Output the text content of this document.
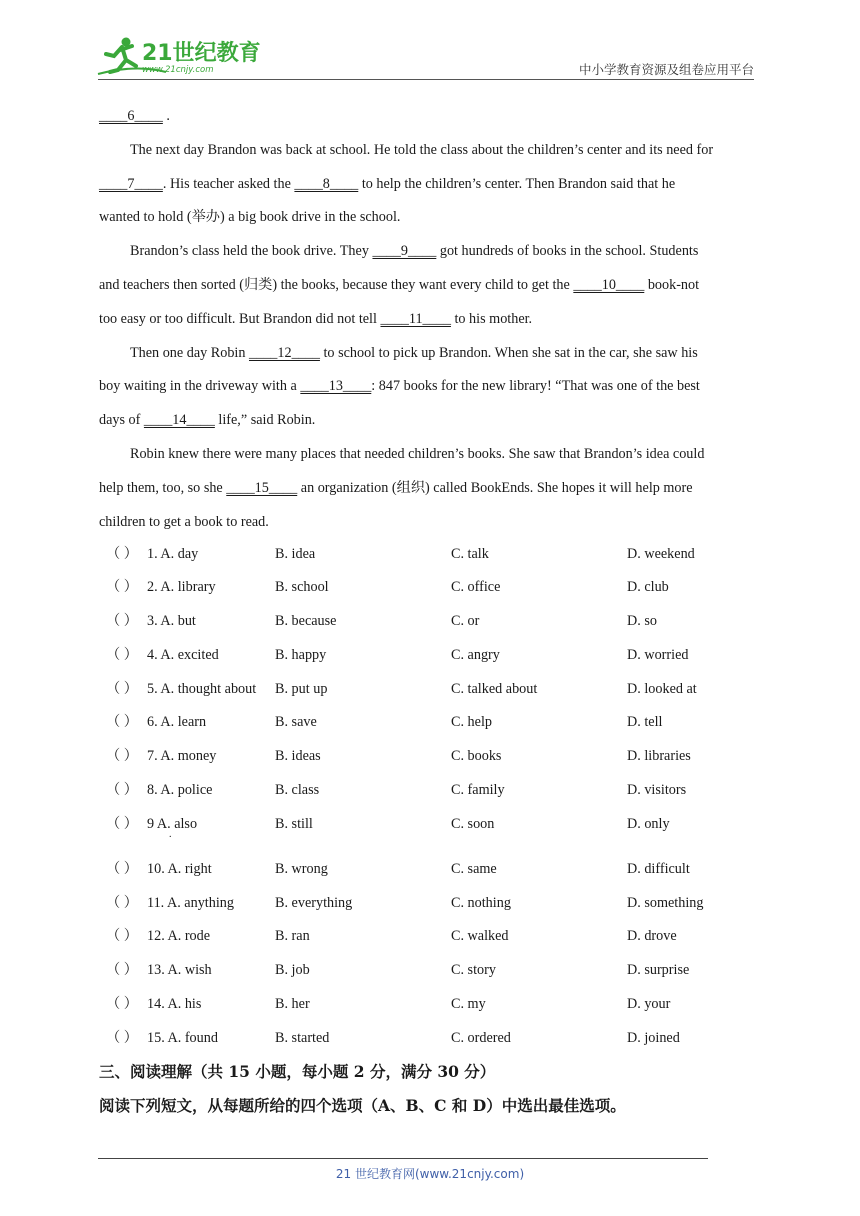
21世纪教育
www.21cnjy.com	中小学教育资源及组卷应用平台
____6____ .
The next day Brandon was back at school. He told the class about the children’s center and its need for
____7____. His teacher asked the ____8____ to help the children’s center. Then Brandon said that he
wanted to hold (举办) a big book drive in the school.
Brandon’s class held the book drive. They ____9____ got hundreds of books in the school. Students
and teachers then sorted (归类) the books, because they want every child to get the ____10____ book-not
too easy or too difficult. But Brandon did not tell ____11____ to his mother.
Then one day Robin ____12____ to school to pick up Brandon. When she sat in the car, she saw his
boy waiting in the driveway with a ____13____: 847 books for the new library! “That was one of the best
days of ____14____ life,” said Robin.
Robin knew there were many places that needed children’s books. She saw that Brandon’s idea could
help them, too, so she ____15____ an organization (组织) called BookEnds. She hopes it will help more
children to get a book to read.
（ ） 1. A. day	B. idea	C. talk	D. weekend
（ ） 2. A. library	B. school	C. office	D. club
（ ） 3. A. but	B. because	C. or	D. so
（ ） 4. A. excited	B. happy	C. angry	D. worried
（ ） 5. A. thought about	B. put up	C. talked about	D. looked at
（ ） 6. A. learn	B. save	C. help	D. tell
（ ） 7. A. money	B. ideas	C. books	D. libraries
（ ） 8. A. police	B. class	C. family	D. visitors
（ ） 9 A. also	B. still	C. soon	D. only
.
（ ） 10. A. right	B. wrong	C. same	D. difficult
（ ） 11. A. anything	B. everything	C. nothing	D. something
（ ） 12. A. rode	B. ran	C. walked	D. drove
（ ） 13. A. wish	B. job	C. story	D. surprise
（ ） 14. A. his	B. her	C. my	D. your
（ ） 15. A. found	B. started	C. ordered	D. joined
三、阅读理解（共 15 小题，每小题 2 分，满分 30 分）
阅读下列短文，从每题所给的四个选项（A、B、C 和 D）中选出最佳选项。
21 世纪教育网(www.21cnjy.com)
